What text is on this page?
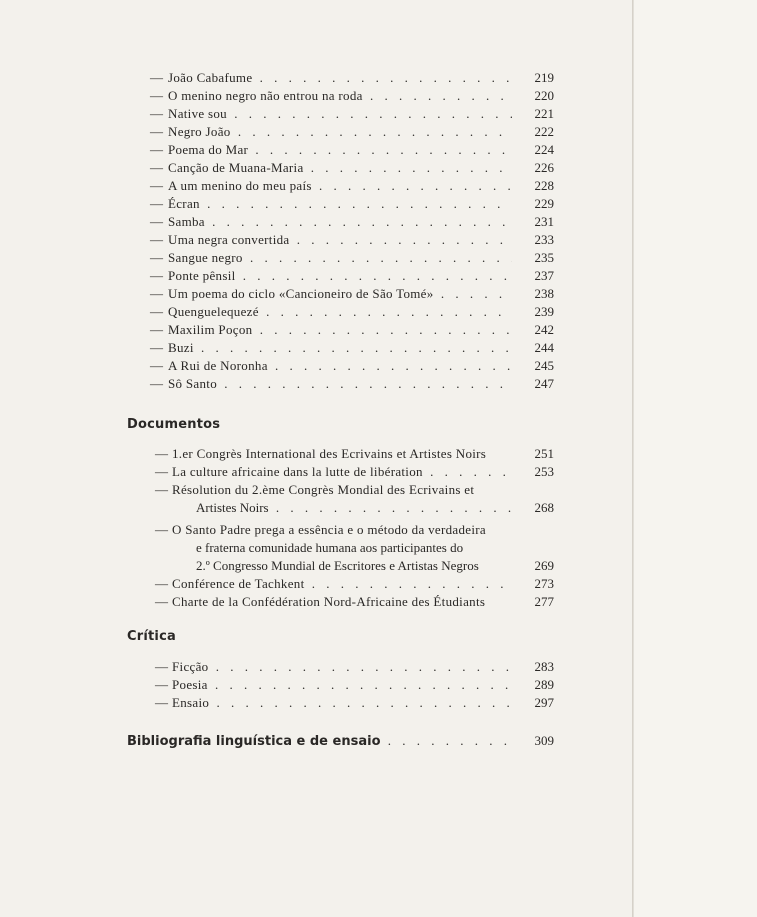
— João Cabafume . . .	219
— O menino negro não entrou na roda . . .	220
— Native sou . . .	221
— Negro João . . .	222
— Poema do Mar . . .	224
— Canção de Muana-Maria . . .	226
— A um menino do meu país . . .	228
— Écran . . .	229
— Samba . . .	231
— Uma negra convertida . . .	233
— Sangue negro . . .	235
— Ponte pênsil . . .	237
— Um poema do ciclo «Cancioneiro de São Tomé» . . .	238
— Quenguelequezé . . .	239
— Maxilim Poçon . . .	242
— Buzi . . .	244
— A Rui de Noronha . . .	245
— Sô Santo . . .	247
Documentos
— 1.er Congrès International des Ecrivains et Artistes Noirs	251
— La culture africaine dans la lutte de libération . . .	253
— Résolution du 2.ème Congrès Mondial des Ecrivains et
Artistes Noirs . . .	268
— O Santo Padre prega a essência e o método da verdadeira
e fraterna comunidade humana aos participantes do
2.º Congresso Mundial de Escritores e Artistas Negros	269
— Conférence de Tachkent . . .	273
— Charte de la Confédération Nord-Africaine des Étudiants	277
Crítica
— Ficção . . .	283
— Poesia . . .	289
— Ensaio . . .	297
Bibliografia linguística e de ensaio . . .	309
